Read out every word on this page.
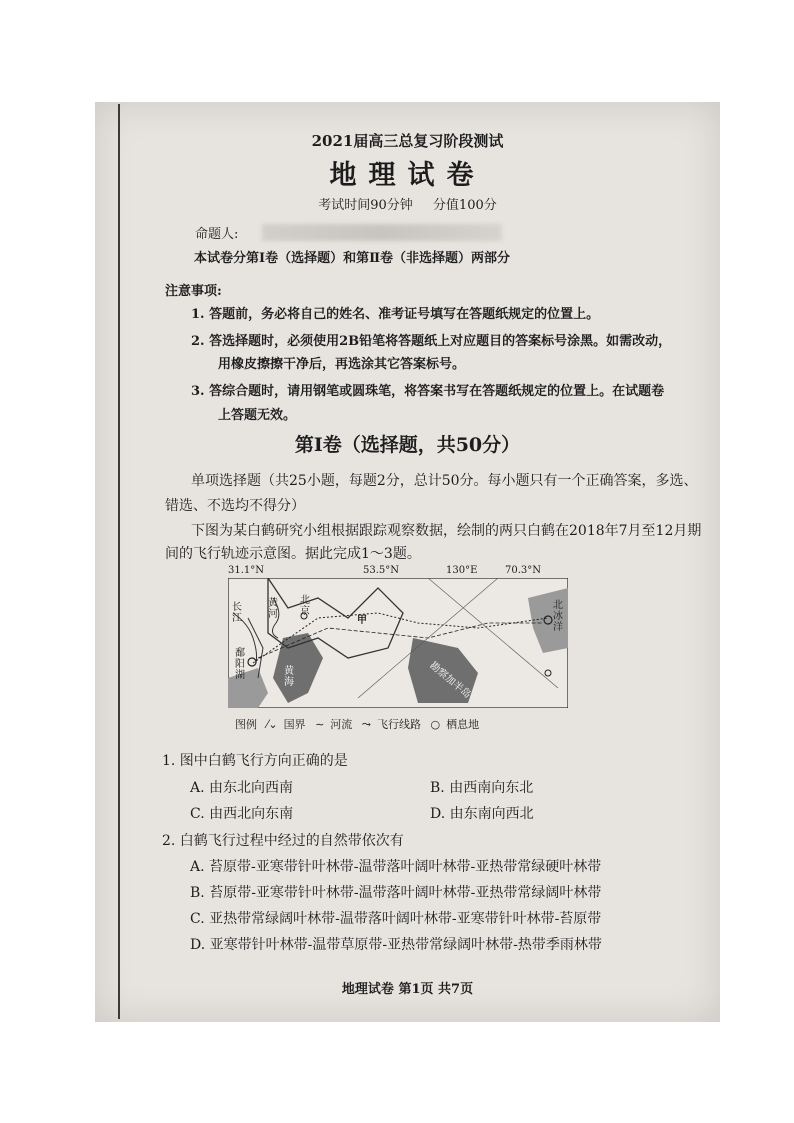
2021届高三总复习阶段测试
地理试卷
考试时间90分钟 分值100分
命题人:
本试卷分第Ⅰ卷（选择题）和第Ⅱ卷（非选择题）两部分
注意事项:
1. 答题前，务必将自己的姓名、准考证号填写在答题纸规定的位置上。
2. 答选择题时，必须使用2B铅笔将答题纸上对应题目的答案标号涂黑。如需改动，
用橡皮擦擦干净后，再选涂其它答案标号。
3. 答综合题时，请用钢笔或圆珠笔，将答案书写在答题纸规定的位置上。在试题卷
上答题无效。
第Ⅰ卷（选择题，共50分）
单项选择题（共25小题，每题2分，总计50分。每小题只有一个正确答案，多选、
错选、不选均不得分）
下图为某白鹤研究小组根据跟踪观察数据，绘制的两只白鹤在2018年7月至12月期
间的飞行轨迹示意图。据此完成1～3题。
31.1°N	53.5°N	130°E	70.3°N
长
江
黄
河
北
京
鄱
阳
湖	黄
海
甲
勘察加半岛
北
冰
洋
图例 ⁄⌄ 国界 ∼ 河流 ⤳ 飞行线路 ○ 栖息地
1. 图中白鹤飞行方向正确的是
A. 由东北向西南	B. 由西南向东北
C. 由西北向东南	D. 由东南向西北
2. 白鹤飞行过程中经过的自然带依次有
A. 苔原带-亚寒带针叶林带-温带落叶阔叶林带-亚热带常绿硬叶林带
B. 苔原带-亚寒带针叶林带-温带落叶阔叶林带-亚热带常绿阔叶林带
C. 亚热带常绿阔叶林带-温带落叶阔叶林带-亚寒带针叶林带-苔原带
D. 亚寒带针叶林带-温带草原带-亚热带常绿阔叶林带-热带季雨林带
地理试卷 第1页 共7页
